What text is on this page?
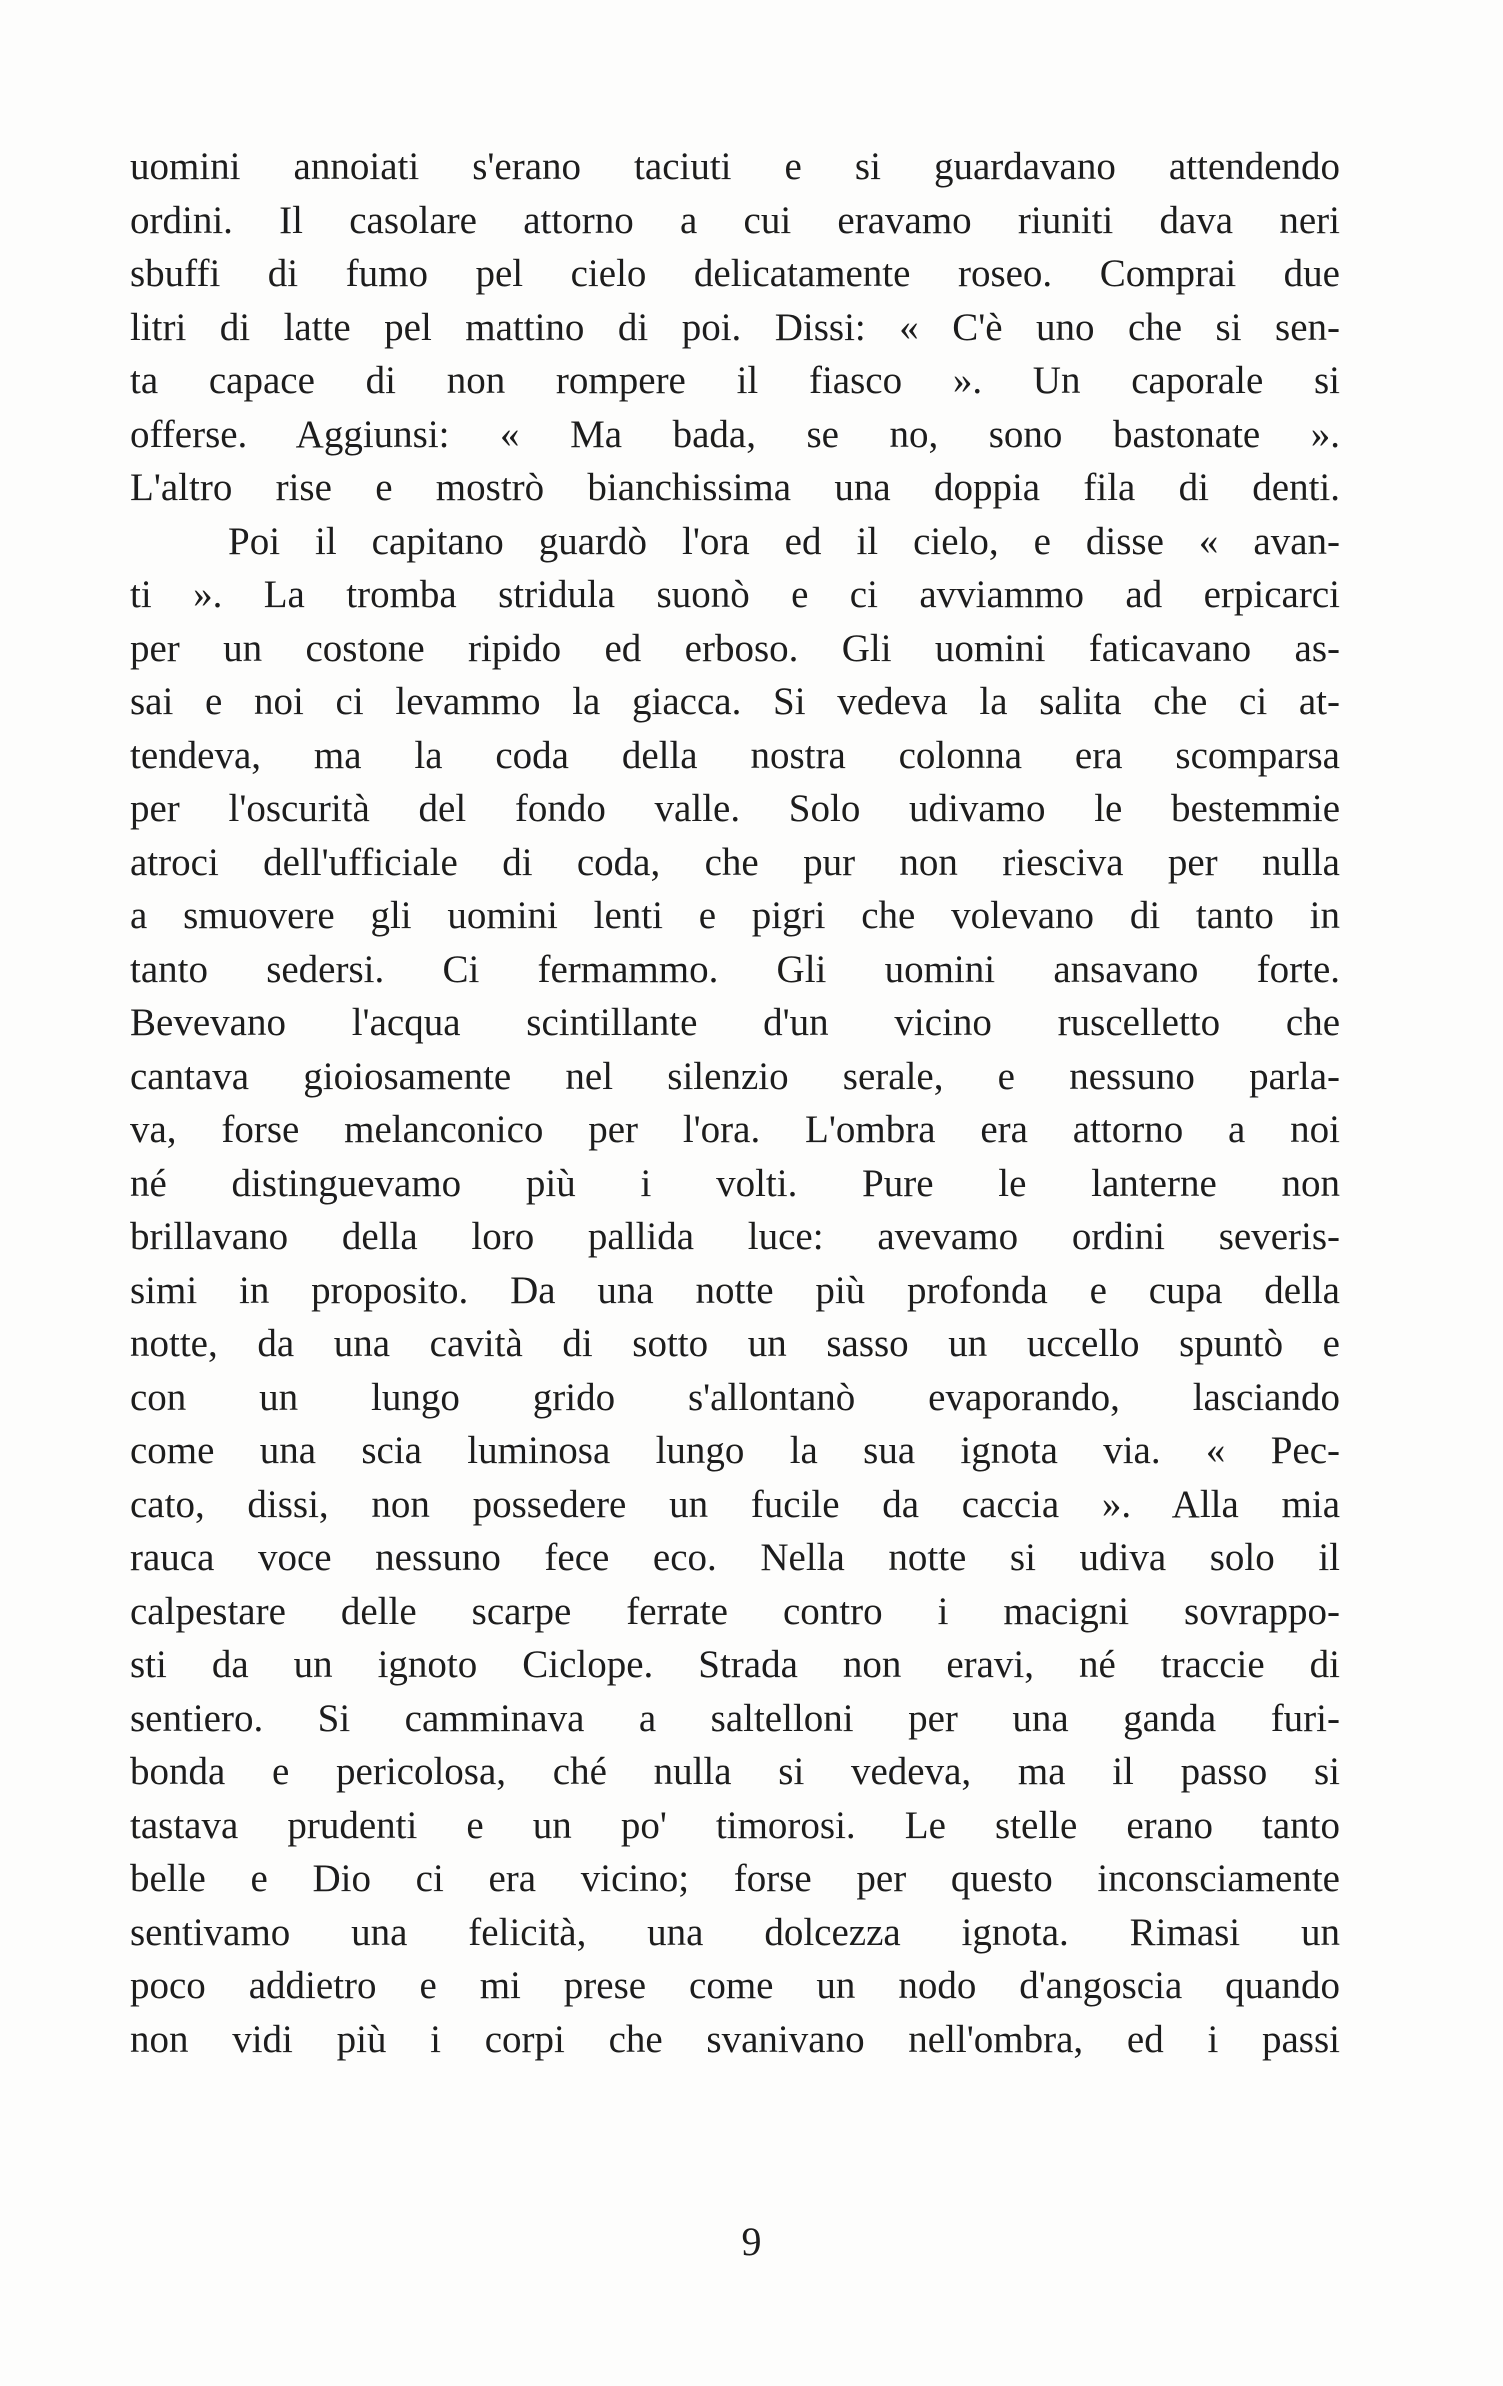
uomini annoiati s'erano taciuti e si guardavano attendendo
ordini. Il casolare attorno a cui eravamo riuniti dava neri
sbuffi di fumo pel cielo delicatamente roseo. Comprai due
litri di latte pel mattino di poi. Dissi: « C'è uno che si sen-
ta capace di non rompere il fiasco ». Un caporale si
offerse. Aggiunsi: « Ma bada, se no, sono bastonate ».
L'altro rise e mostrò bianchissima una doppia fila di denti.
Poi il capitano guardò l'ora ed il cielo, e disse « avan-
ti ». La tromba stridula suonò e ci avviammo ad erpicarci
per un costone ripido ed erboso. Gli uomini faticavano as-
sai e noi ci levammo la giacca. Si vedeva la salita che ci at-
tendeva, ma la coda della nostra colonna era scomparsa
per l'oscurità del fondo valle. Solo udivamo le bestemmie
atroci dell'ufficiale di coda, che pur non riesciva per nulla
a smuovere gli uomini lenti e pigri che volevano di tanto in
tanto sedersi. Ci fermammo. Gli uomini ansavano forte.
Bevevano l'acqua scintillante d'un vicino ruscelletto che
cantava gioiosamente nel silenzio serale, e nessuno parla-
va, forse melanconico per l'ora. L'ombra era attorno a noi
né distinguevamo più i volti. Pure le lanterne non
brillavano della loro pallida luce: avevamo ordini severis-
simi in proposito. Da una notte più profonda e cupa della
notte, da una cavità di sotto un sasso un uccello spuntò e
con un lungo grido s'allontanò evaporando, lasciando
come una scia luminosa lungo la sua ignota via. « Pec-
cato, dissi, non possedere un fucile da caccia ». Alla mia
rauca voce nessuno fece eco. Nella notte si udiva solo il
calpestare delle scarpe ferrate contro i macigni sovrappo-
sti da un ignoto Ciclope. Strada non eravi, né traccie di
sentiero. Si camminava a saltelloni per una ganda furi-
bonda e pericolosa, ché nulla si vedeva, ma il passo si
tastava prudenti e un po' timorosi. Le stelle erano tanto
belle e Dio ci era vicino; forse per questo inconsciamente
sentivamo una felicità, una dolcezza ignota. Rimasi un
poco addietro e mi prese come un nodo d'angoscia quando
non vidi più i corpi che svanivano nell'ombra, ed i passi
9
